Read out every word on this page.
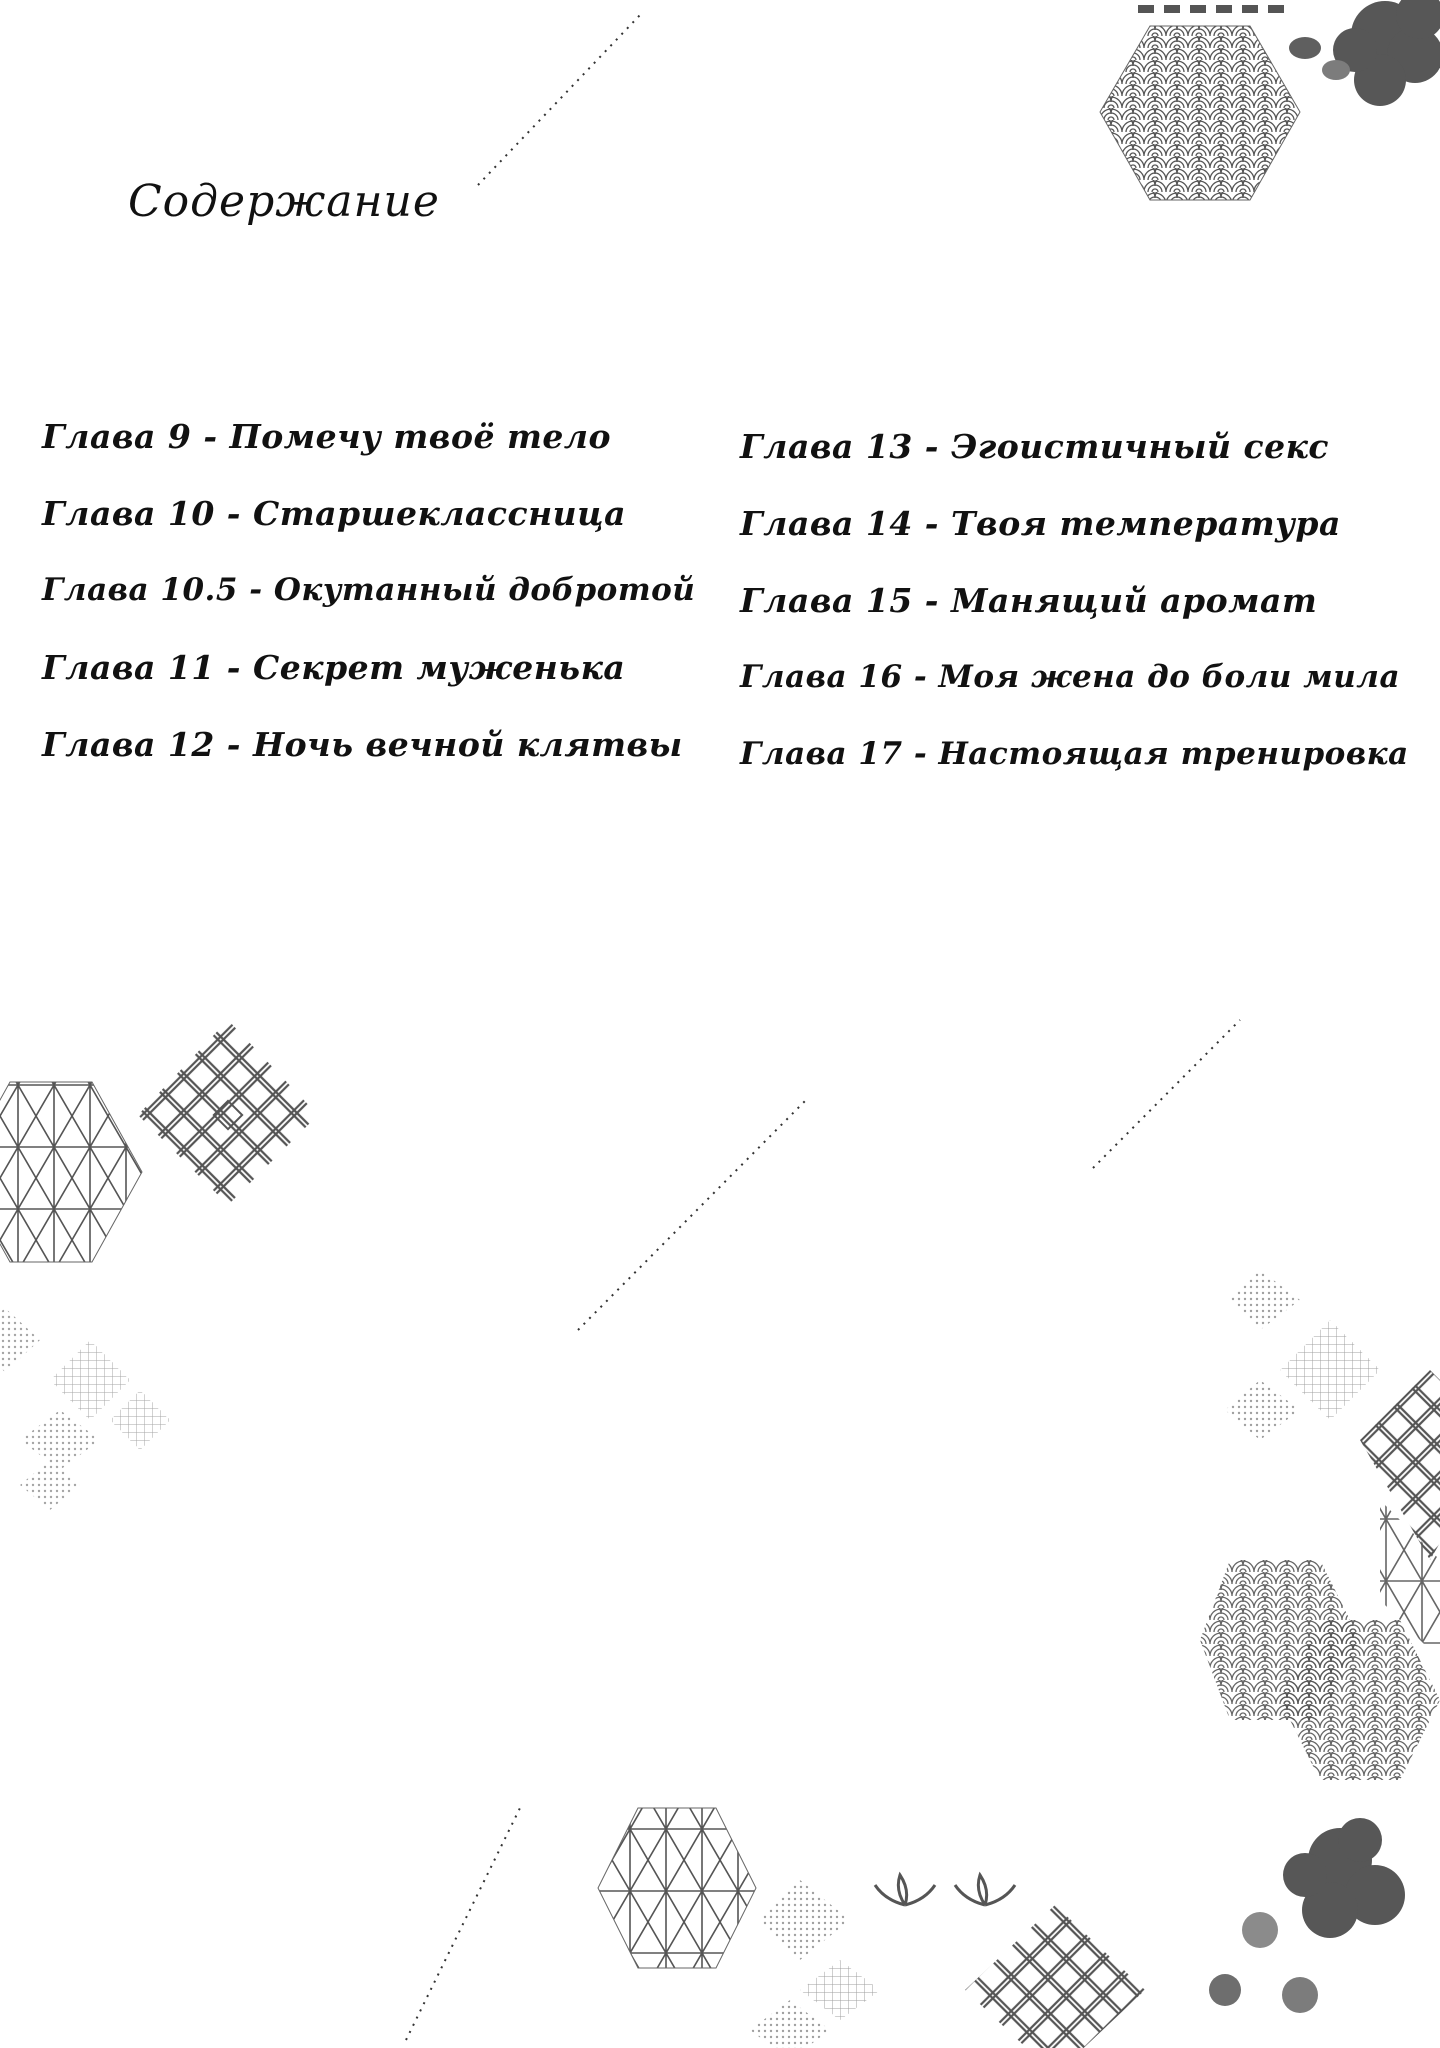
Содержание
Глава 9 - Помечу твоё тело
Глава 10 - Старшеклассница
Глава 10.5 - Окутанный добротой
Глава 11 - Секрет муженька
Глава 12 - Ночь вечной клятвы
Глава 13 - Эгоистичный секс
Глава 14 - Твоя температура
Глава 15 - Манящий аромат
Глава 16 - Моя жена до боли мила
Глава 17 - Настоящая тренировка
